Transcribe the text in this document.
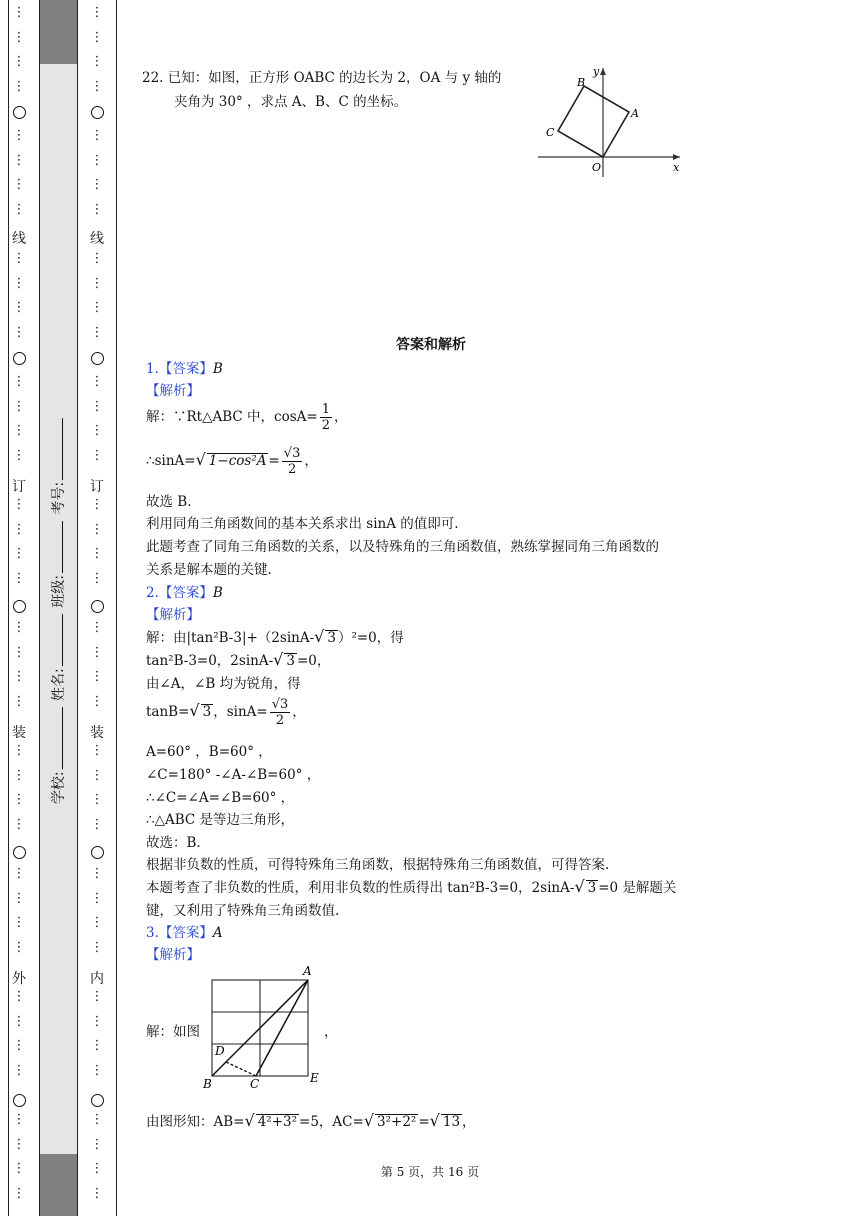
⋮
⋮
⋮
⋮
⋮
⋮
⋮
⋮
⋮
⋮
⋮
⋮
⋮
⋮
⋮
⋮
⋮
⋮
⋮
⋮
⋮
⋮
⋮
⋮
⋮
⋮
⋮
⋮
⋮
⋮
⋮
⋮
⋮
⋮
⋮
⋮
⋮
⋮
⋮
⋮
⋮
⋮
⋮
⋮
⋮
⋮
⋮
⋮
⋮
⋮
⋮
⋮
⋮
⋮
⋮
⋮
⋮
⋮
⋮
⋮
⋮
⋮
⋮
⋮
⋮
⋮
⋮
⋮
⋮
⋮
⋮
⋮
⋮
⋮
⋮
⋮
⋮
⋮
⋮
⋮
线
订
装
外
线
订
装
内
学校: 姓名: 班级: 考号:
22. 已知：如图，正方形 OABC 的边长为 2，OA 与 y 轴的
夹角为 30° ，求点 A、B、C 的坐标。
B
y
A
C
O	x
答案和解析
1.【答案】B
【解析】
解：∵Rt△ABC 中，$\cos A= \frac{1}{2}$ ，
∴sinA=√ $1-\cos^2A = \frac{√3}{2}$ ，
故选 B.
利用同角三角函数间的基本关系求出 sinA 的值即可.
此题考查了同角三角函数的关系，以及特殊角的三角函数值，熟练掌握同角三角函数的
关系是解本题的关键.
2.【答案】B
【解析】
解：由|tan²B-3|+（2sinA-√ 3 ）²=0，得
tan²B-3=0，2sinA-√ 3 =0，
由∠A，∠B 均为锐角，得
tanB=√ 3 ，$\sin A= \frac{√3}{2}$ ，
A=60° ，B=60° ，
∠C=180° -∠A-∠B=60° ，
∴∠C=∠A=∠B=60° ，
∴△ABC 是等边三角形，
故选：B.
根据非负数的性质，可得特殊角三角函数，根据特殊角三角函数值，可得答案.
本题考查了非负数的性质，利用非负数的性质得出 tan²B-3=0，2sinA-√ 3 =0 是解题关
键，又利用了特殊角三角函数值.
3.【答案】A
【解析】
解：如图	，
A
D
B	C	E
由图形知：AB=√ 4²+3² =5，AC=√ 3²+2² =√ 13 ，
第 5 页，共 16 页
